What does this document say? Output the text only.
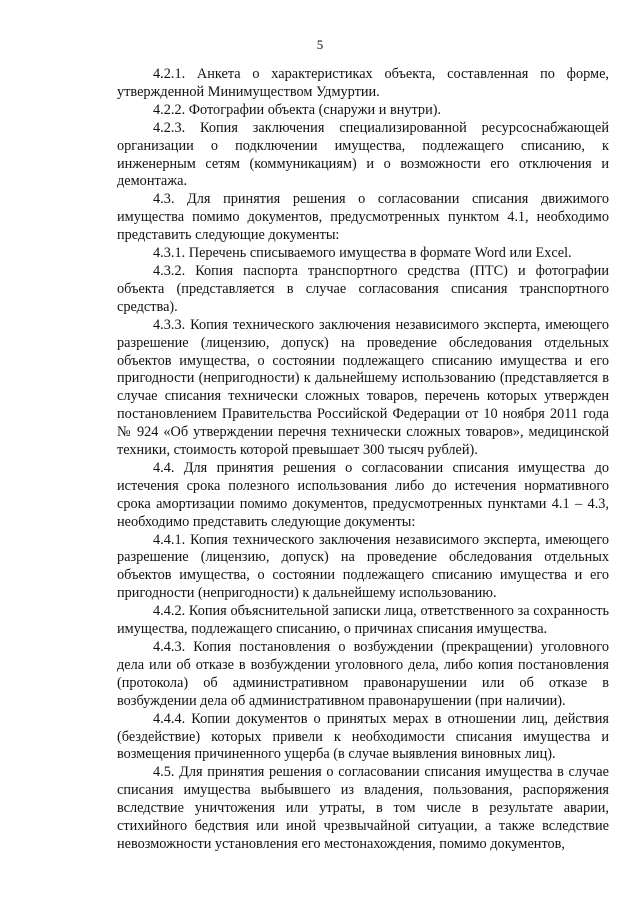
5

4.2.1. Анкета о характеристиках объекта, составленная по форме, утвержденной Минимуществом Удмуртии.

4.2.2. Фотографии объекта (снаружи и внутри).

4.2.3. Копия заключения специализированной ресурсоснабжающей организации о подключении имущества, подлежащего списанию, к инженерным сетям (коммуникациям) и о возможности его отключения и демонтажа.

4.3. Для принятия решения о согласовании списания движимого имущества помимо документов, предусмотренных пунктом 4.1, необходимо представить следующие документы:

4.3.1. Перечень списываемого имущества в формате Word или Excel.

4.3.2. Копия паспорта транспортного средства (ПТС) и фотографии объекта (представляется в случае согласования списания транспортного средства).

4.3.3. Копия технического заключения независимого эксперта, имеющего разрешение (лицензию, допуск) на проведение обследования отдельных объектов имущества, о состоянии подлежащего списанию имущества и его пригодности (непригодности) к дальнейшему использованию (представляется в случае списания технически сложных товаров, перечень которых утвержден постановлением Правительства Российской Федерации от 10 ноября 2011 года № 924 «Об утверждении перечня технически сложных товаров», медицинской техники, стоимость которой превышает 300 тысяч рублей).

4.4. Для принятия решения о согласовании списания имущества до истечения срока полезного использования либо до истечения нормативного срока амортизации помимо документов, предусмотренных пунктами 4.1 – 4.3, необходимо представить следующие документы:

4.4.1. Копия технического заключения независимого эксперта, имеющего разрешение (лицензию, допуск) на проведение обследования отдельных объектов имущества, о состоянии подлежащего списанию имущества и его пригодности (непригодности) к дальнейшему использованию.

4.4.2. Копия объяснительной записки лица, ответственного за сохранность имущества, подлежащего списанию, о причинах списания имущества.

4.4.3. Копия постановления о возбуждении (прекращении) уголовного дела или об отказе в возбуждении уголовного дела, либо копия постановления (протокола) об административном правонарушении или об отказе в возбуждении дела об административном правонарушении (при наличии).

4.4.4. Копии документов о принятых мерах в отношении лиц, действия (бездействие) которых привели к необходимости списания имущества и возмещения причиненного ущерба (в случае выявления виновных лиц).

4.5. Для принятия решения о согласовании списания имущества в случае списания имущества выбывшего из владения, пользования, распоряжения вследствие уничтожения или утраты, в том числе в результате аварии, стихийного бедствия или иной чрезвычайной ситуации, а также вследствие невозможности установления его местонахождения, помимо документов,
